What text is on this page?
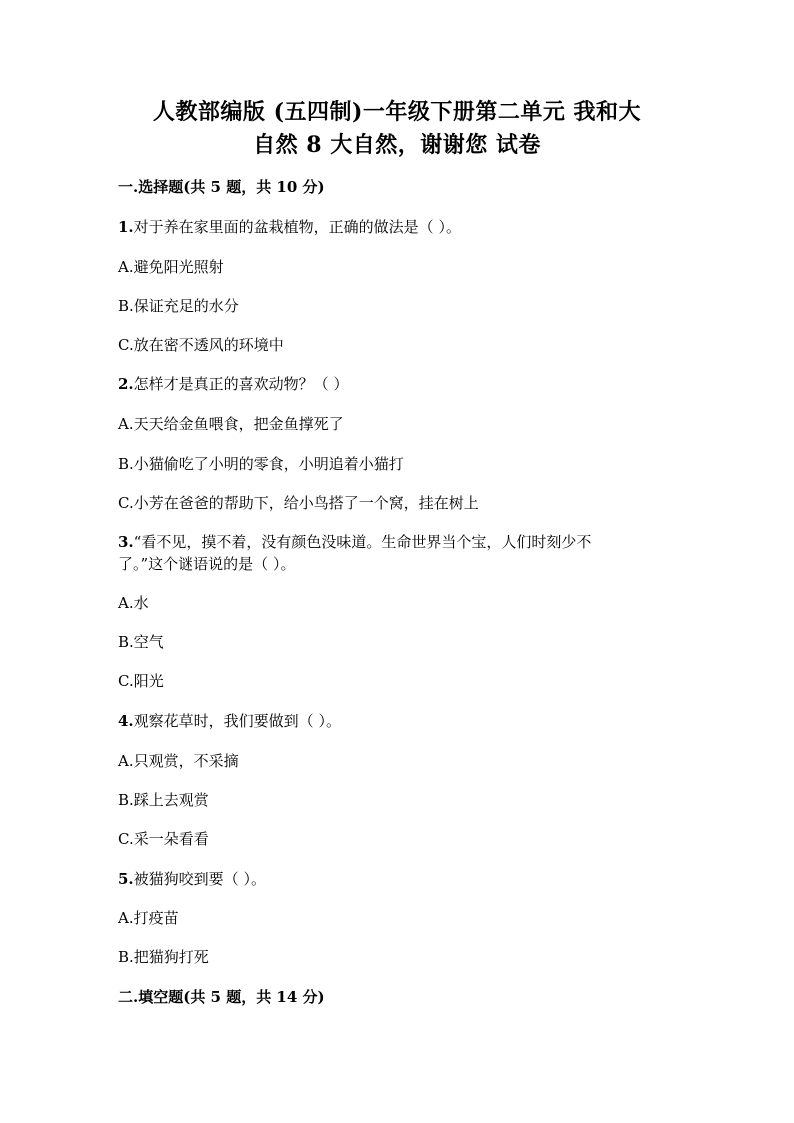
人教部编版 (五四制)一年级下册第二单元 我和大
自然 8 大自然，谢谢您 试卷
一.选择题(共 5 题，共 10 分)
1.对于养在家里面的盆栽植物，正确的做法是（ ）。
A.避免阳光照射
B.保证充足的水分
C.放在密不透风的环境中
2.怎样才是真正的喜欢动物？（ ）
A.天天给金鱼喂食，把金鱼撑死了
B.小猫偷吃了小明的零食，小明追着小猫打
C.小芳在爸爸的帮助下，给小鸟搭了一个窝，挂在树上
3.“看不见，摸不着，没有颜色没味道。生命世界当个宝，人们时刻少不
了。”这个谜语说的是（ ）。
A.水
B.空气
C.阳光
4.观察花草时，我们要做到（ ）。
A.只观赏，不采摘
B.踩上去观赏
C.采一朵看看
5.被猫狗咬到要（ ）。
A.打疫苗
B.把猫狗打死
二.填空题(共 5 题，共 14 分)
